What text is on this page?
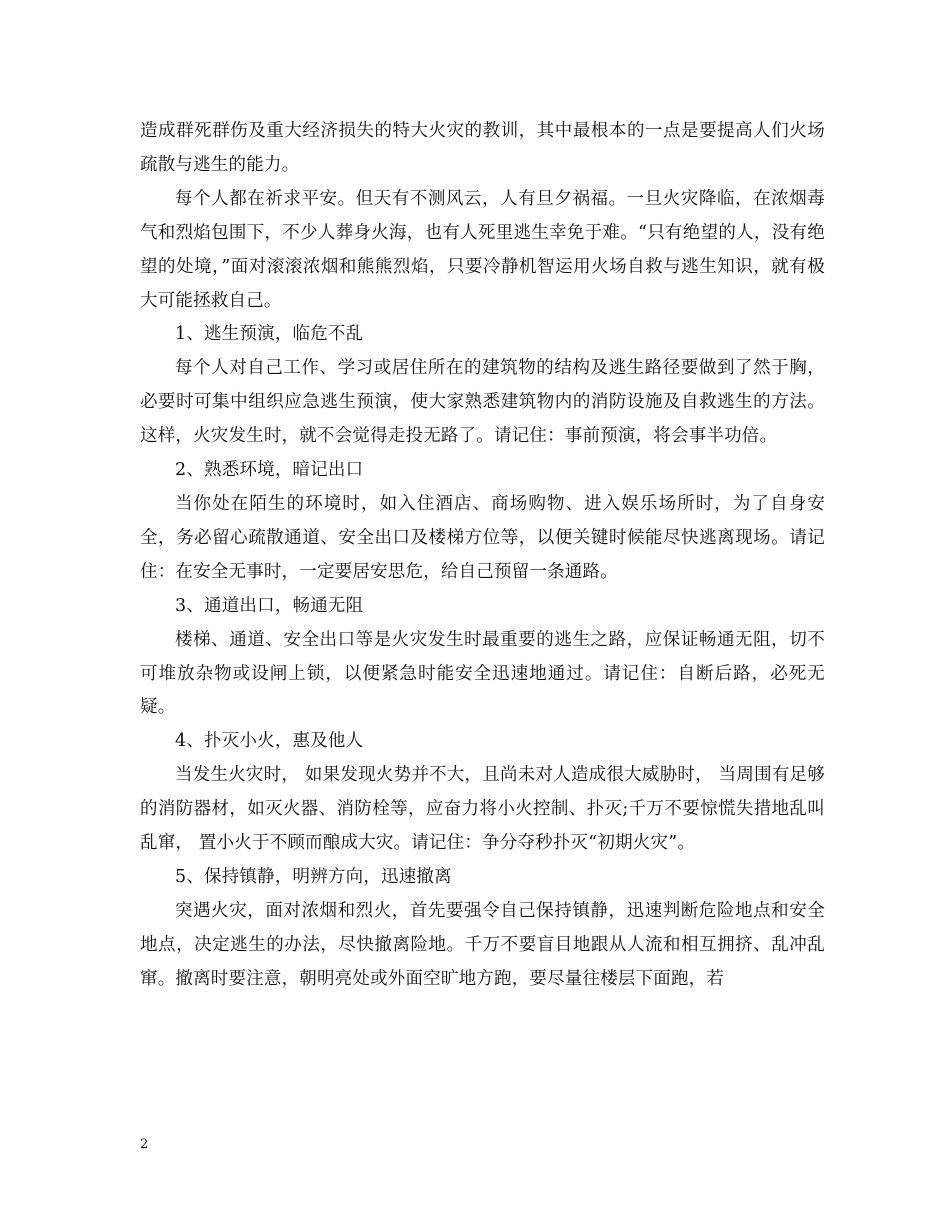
造成群死群伤及重大经济损失的特大火灾的教训，其中最根本的一点是要提高人们火场疏散与逃生的能力。

每个人都在祈求平安。但天有不测风云，人有旦夕祸福。一旦火灾降临，在浓烟毒气和烈焰包围下，不少人葬身火海，也有人死里逃生幸免于难。“只有绝望的人，没有绝望的处境，”面对滚滚浓烟和熊熊烈焰，只要冷静机智运用火场自救与逃生知识，就有极大可能拯救自己。

1、逃生预演，临危不乱

每个人对自己工作、学习或居住所在的建筑物的结构及逃生路径要做到了然于胸，必要时可集中组织应急逃生预演，使大家熟悉建筑物内的消防设施及自救逃生的方法。这样，火灾发生时，就不会觉得走投无路了。请记住：事前预演，将会事半功倍。

2、熟悉环境，暗记出口

当你处在陌生的环境时，如入住酒店、商场购物、进入娱乐场所时，为了自身安全，务必留心疏散通道、安全出口及楼梯方位等，以便关键时候能尽快逃离现场。请记住：在安全无事时，一定要居安思危，给自己预留一条通路。

3、通道出口，畅通无阻

楼梯、通道、安全出口等是火灾发生时最重要的逃生之路，应保证畅通无阻，切不可堆放杂物或设闸上锁，以便紧急时能安全迅速地通过。请记住：自断后路，必死无疑。

4、扑灭小火，惠及他人

当发生火灾时， 如果发现火势并不大，且尚未对人造成很大威胁时， 当周围有足够的消防器材，如灭火器、消防栓等，应奋力将小火控制、扑灭;千万不要惊慌失措地乱叫乱窜， 置小火于不顾而酿成大灾。请记住：争分夺秒扑灭“初期火灾”。

5、保持镇静，明辨方向，迅速撤离

突遇火灾，面对浓烟和烈火，首先要强令自己保持镇静，迅速判断危险地点和安全地点，决定逃生的办法，尽快撤离险地。千万不要盲目地跟从人流和相互拥挤、乱冲乱窜。撤离时要注意，朝明亮处或外面空旷地方跑，要尽量往楼层下面跑，若

2
